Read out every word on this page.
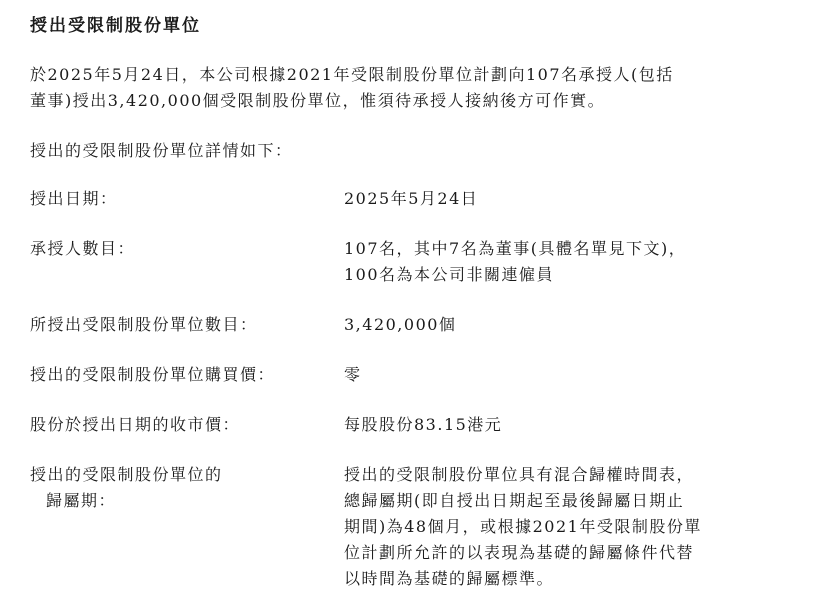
授出受限制股份單位

於2025年5月24日，本公司根據2021年受限制股份單位計劃向107名承授人(包括
董事)授出3,420,000個受限制股份單位，惟須待承授人接納後方可作實。

授出的受限制股份單位詳情如下：

授出日期：	2025年5月24日
承授人數目：	107名，其中7名為董事(具體名單見下文)，
100名為本公司非關連僱員
所授出受限制股份單位數目：	3,420,000個
授出的受限制股份單位購買價：	零
股份於授出日期的收市價：	每股股份83.15港元
授出的受限制股份單位的
歸屬期：
授出的受限制股份單位具有混合歸權時間表，
總歸屬期(即自授出日期起至最後歸屬日期止
期間)為48個月，或根據2021年受限制股份單
位計劃所允許的以表現為基礎的歸屬條件代替
以時間為基礎的歸屬標準。
